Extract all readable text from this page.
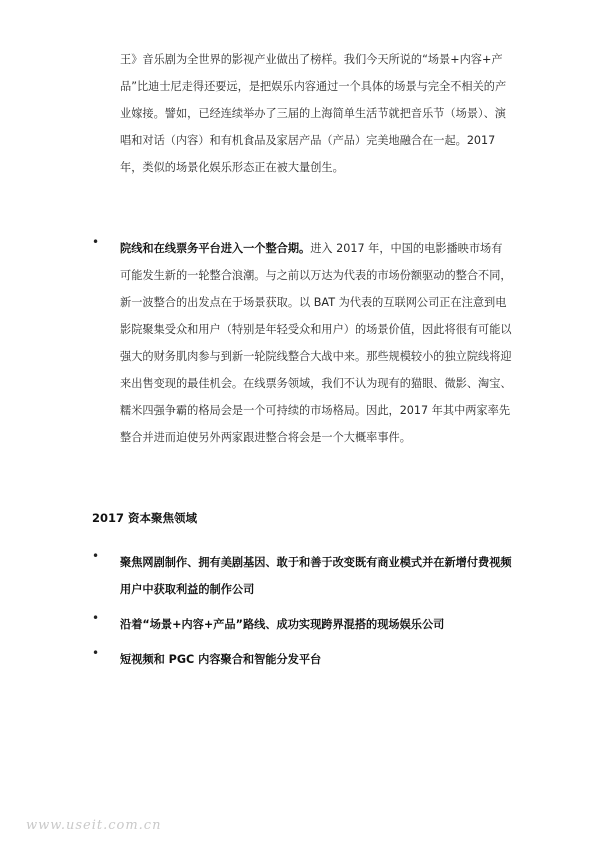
王》音乐剧为全世界的影视产业做出了榜样。我们今天所说的“场景+内容+产品”比迪士尼走得还要远，是把娱乐内容通过一个具体的场景与完全不相关的产业嫁接。譬如，已经连续举办了三届的上海简单生活节就把音乐节（场景）、演唱和对话（内容）和有机食品及家居产品（产品）完美地融合在一起。2017 年，类似的场景化娱乐形态正在被大量创生。
• 院线和在线票务平台进入一个整合期。进入 2017 年，中国的电影播映市场有可能发生新的一轮整合浪潮。与之前以万达为代表的市场份额驱动的整合不同，新一波整合的出发点在于场景获取。以 BAT 为代表的互联网公司正在注意到电影院聚集受众和用户（特别是年轻受众和用户）的场景价值，因此将很有可能以强大的财务肌肉参与到新一轮院线整合大战中来。那些规模较小的独立院线将迎来出售变现的最佳机会。在线票务领域，我们不认为现有的猫眼、微影、淘宝、糯米四强争霸的格局会是一个可持续的市场格局。因此，2017 年其中两家率先整合并进而迫使另外两家跟进整合将会是一个大概率事件。
2017 资本聚焦领域
• 聚焦网剧制作、拥有美剧基因、敢于和善于改变既有商业模式并在新增付费视频用户中获取利益的制作公司
• 沿着“场景+内容+产品”路线、成功实现跨界混搭的现场娱乐公司
• 短视频和 PGC 内容聚合和智能分发平台
www.useit.com.cn
